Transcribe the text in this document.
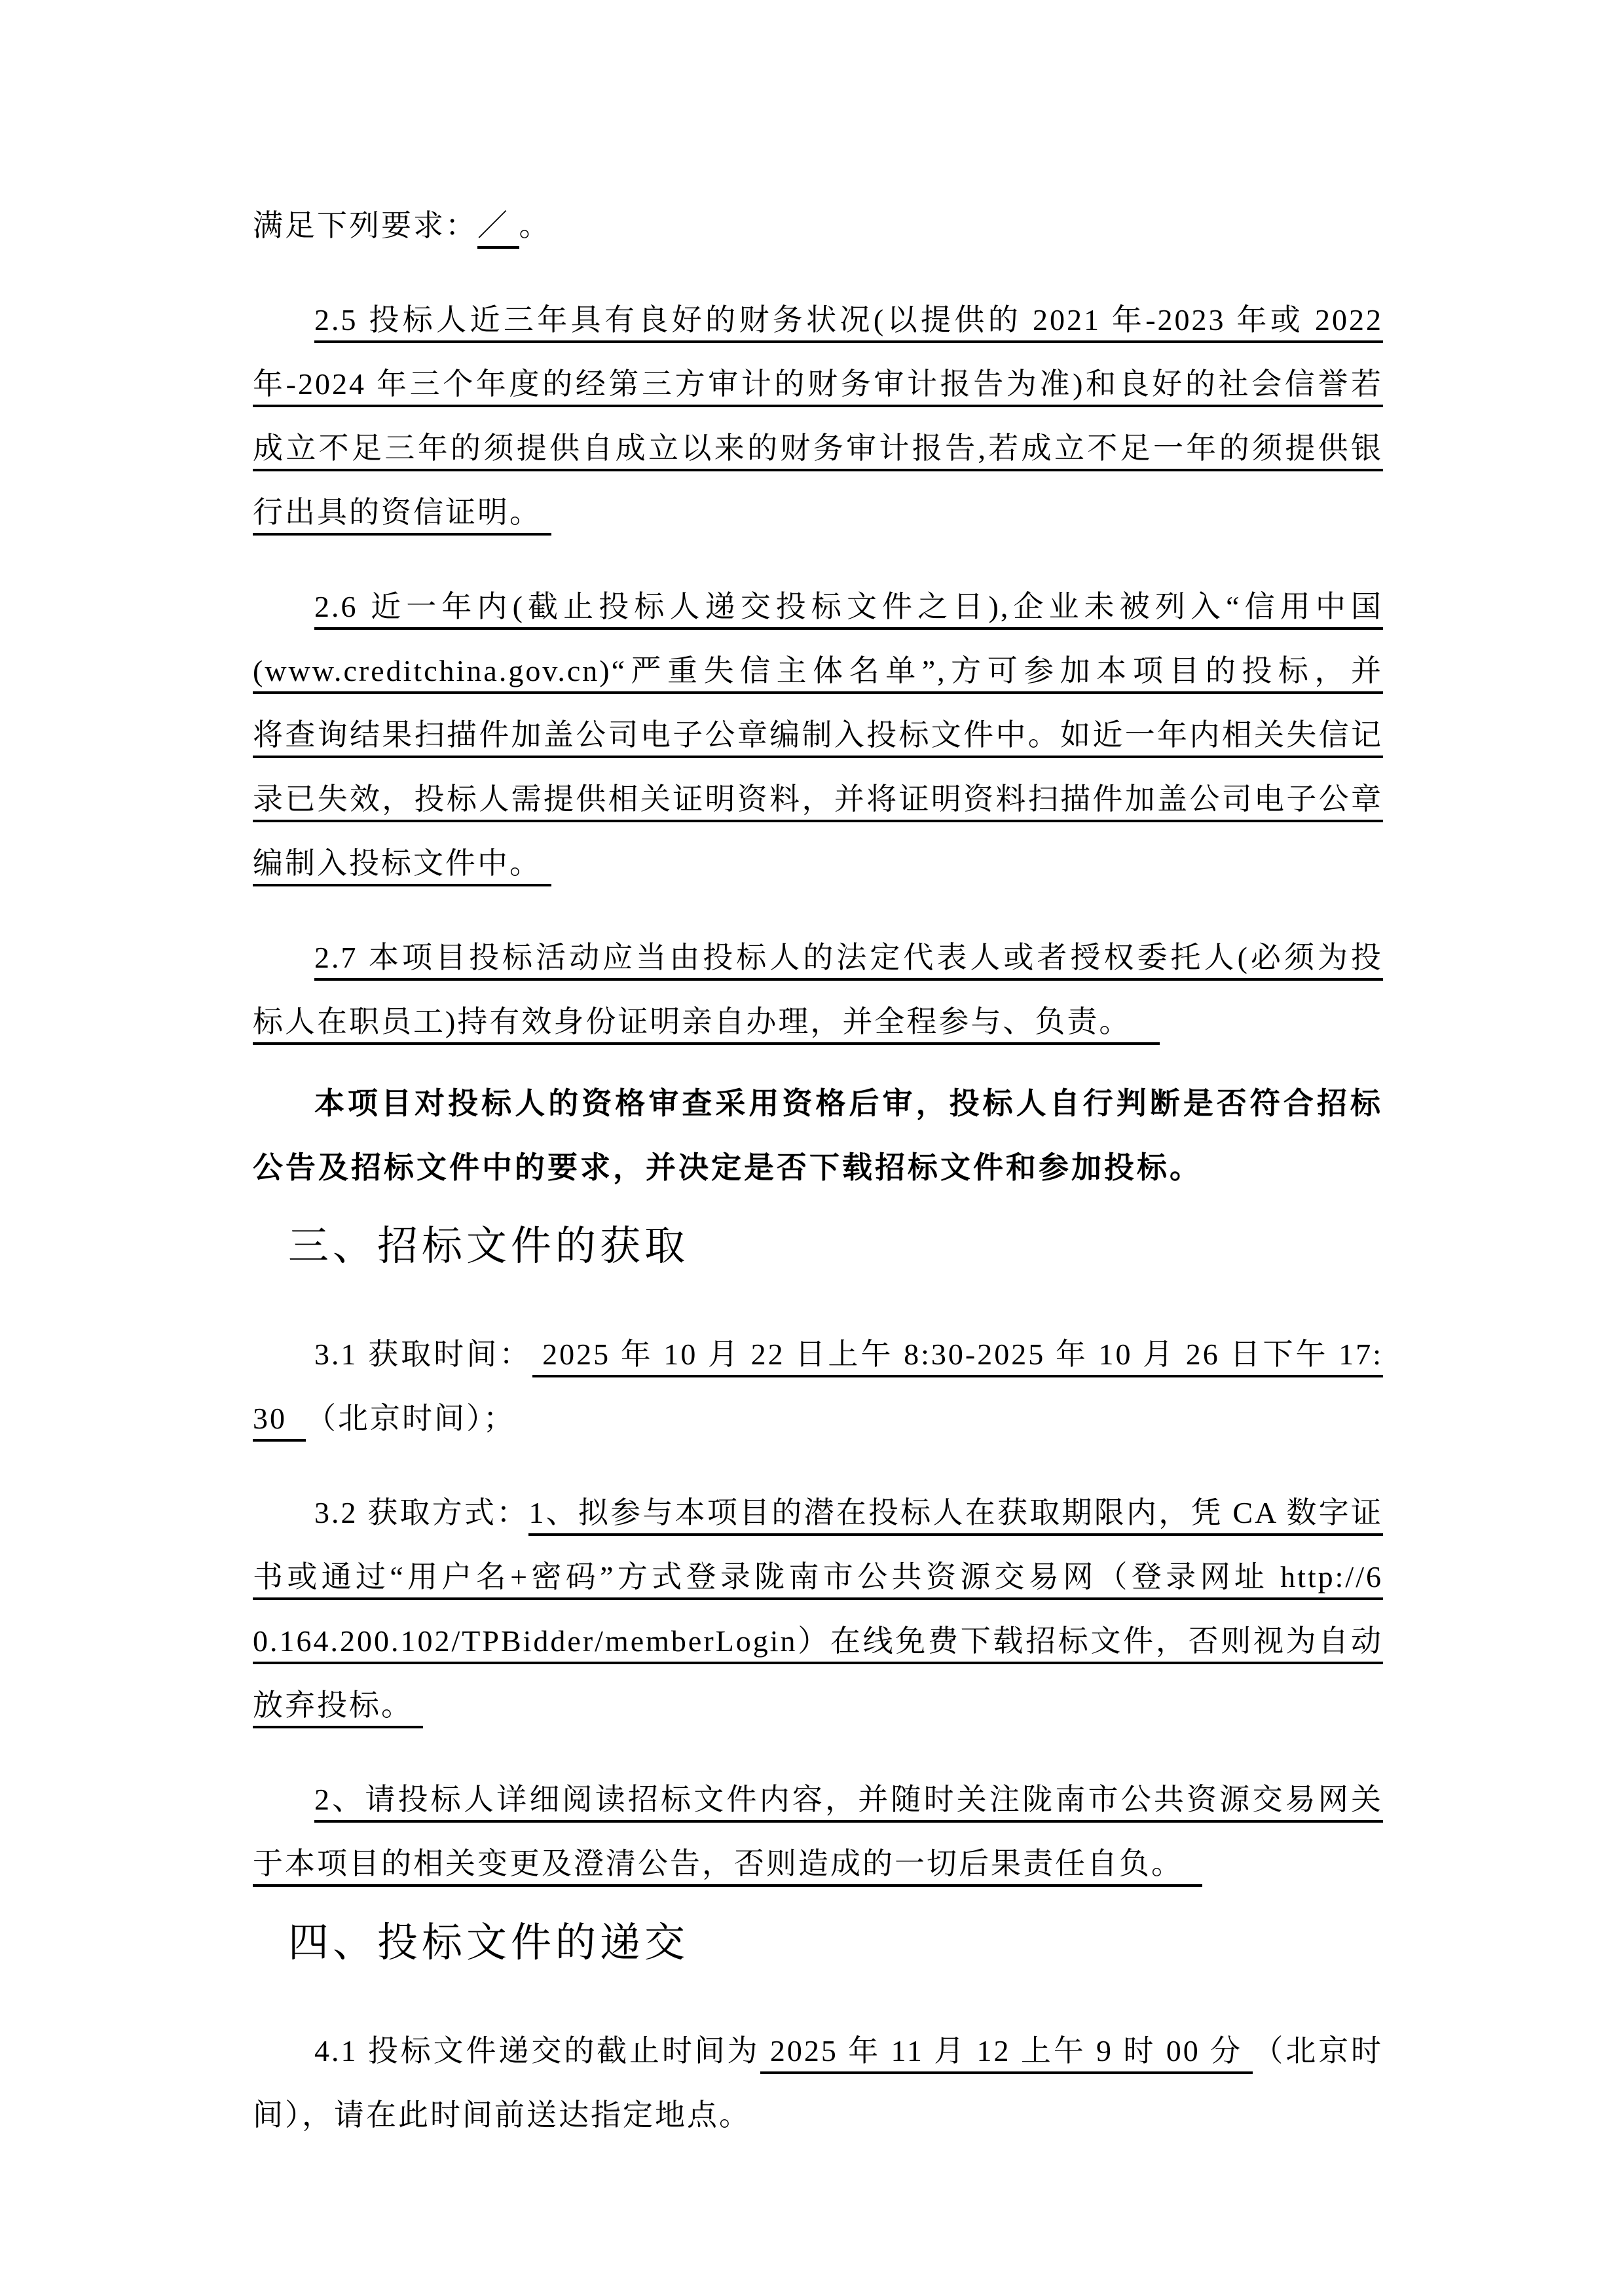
满足下列要求：／ 。
2.5 投标人近三年具有良好的财务状况(以提供的 2021 年-2023 年或 2022
年-2024 年三个年度的经第三方审计的财务审计报告为准)和良好的社会信誉若
成立不足三年的须提供自成立以来的财务审计报告,若成立不足一年的须提供银
行出具的资信证明。
2.6 近一年内(截止投标人递交投标文件之日),企业未被列入“信用中国
(www.creditchina.gov.cn)“严重失信主体名单”,方可参加本项目的投标，并
将查询结果扫描件加盖公司电子公章编制入投标文件中。如近一年内相关失信记
录已失效，投标人需提供相关证明资料，并将证明资料扫描件加盖公司电子公章
编制入投标文件中。
2.7 本项目投标活动应当由投标人的法定代表人或者授权委托人(必须为投
标人在职员工)持有效身份证明亲自办理，并全程参与、负责。
本项目对投标人的资格审查采用资格后审，投标人自行判断是否符合招标
公告及招标文件中的要求，并决定是否下载招标文件和参加投标。
三、招标文件的获取
3.1 获取时间： 2025 年 10 月 22 日上午 8:30-2025 年 10 月 26 日下午 17:
30  （北京时间）；
3.2 获取方式：1、拟参与本项目的潜在投标人在获取期限内，凭 CA 数字证
书或通过“用户名+密码”方式登录陇南市公共资源交易网（登录网址 http://6
0.164.200.102/TPBidder/memberLogin）在线免费下载招标文件，否则视为自动
放弃投标。
2、请投标人详细阅读招标文件内容，并随时关注陇南市公共资源交易网关
于本项目的相关变更及澄清公告，否则造成的一切后果责任自负。
四、投标文件的递交
4.1 投标文件递交的截止时间为 2025 年 11 月 12 上午 9 时 00 分 （北京时
间），请在此时间前送达指定地点。
